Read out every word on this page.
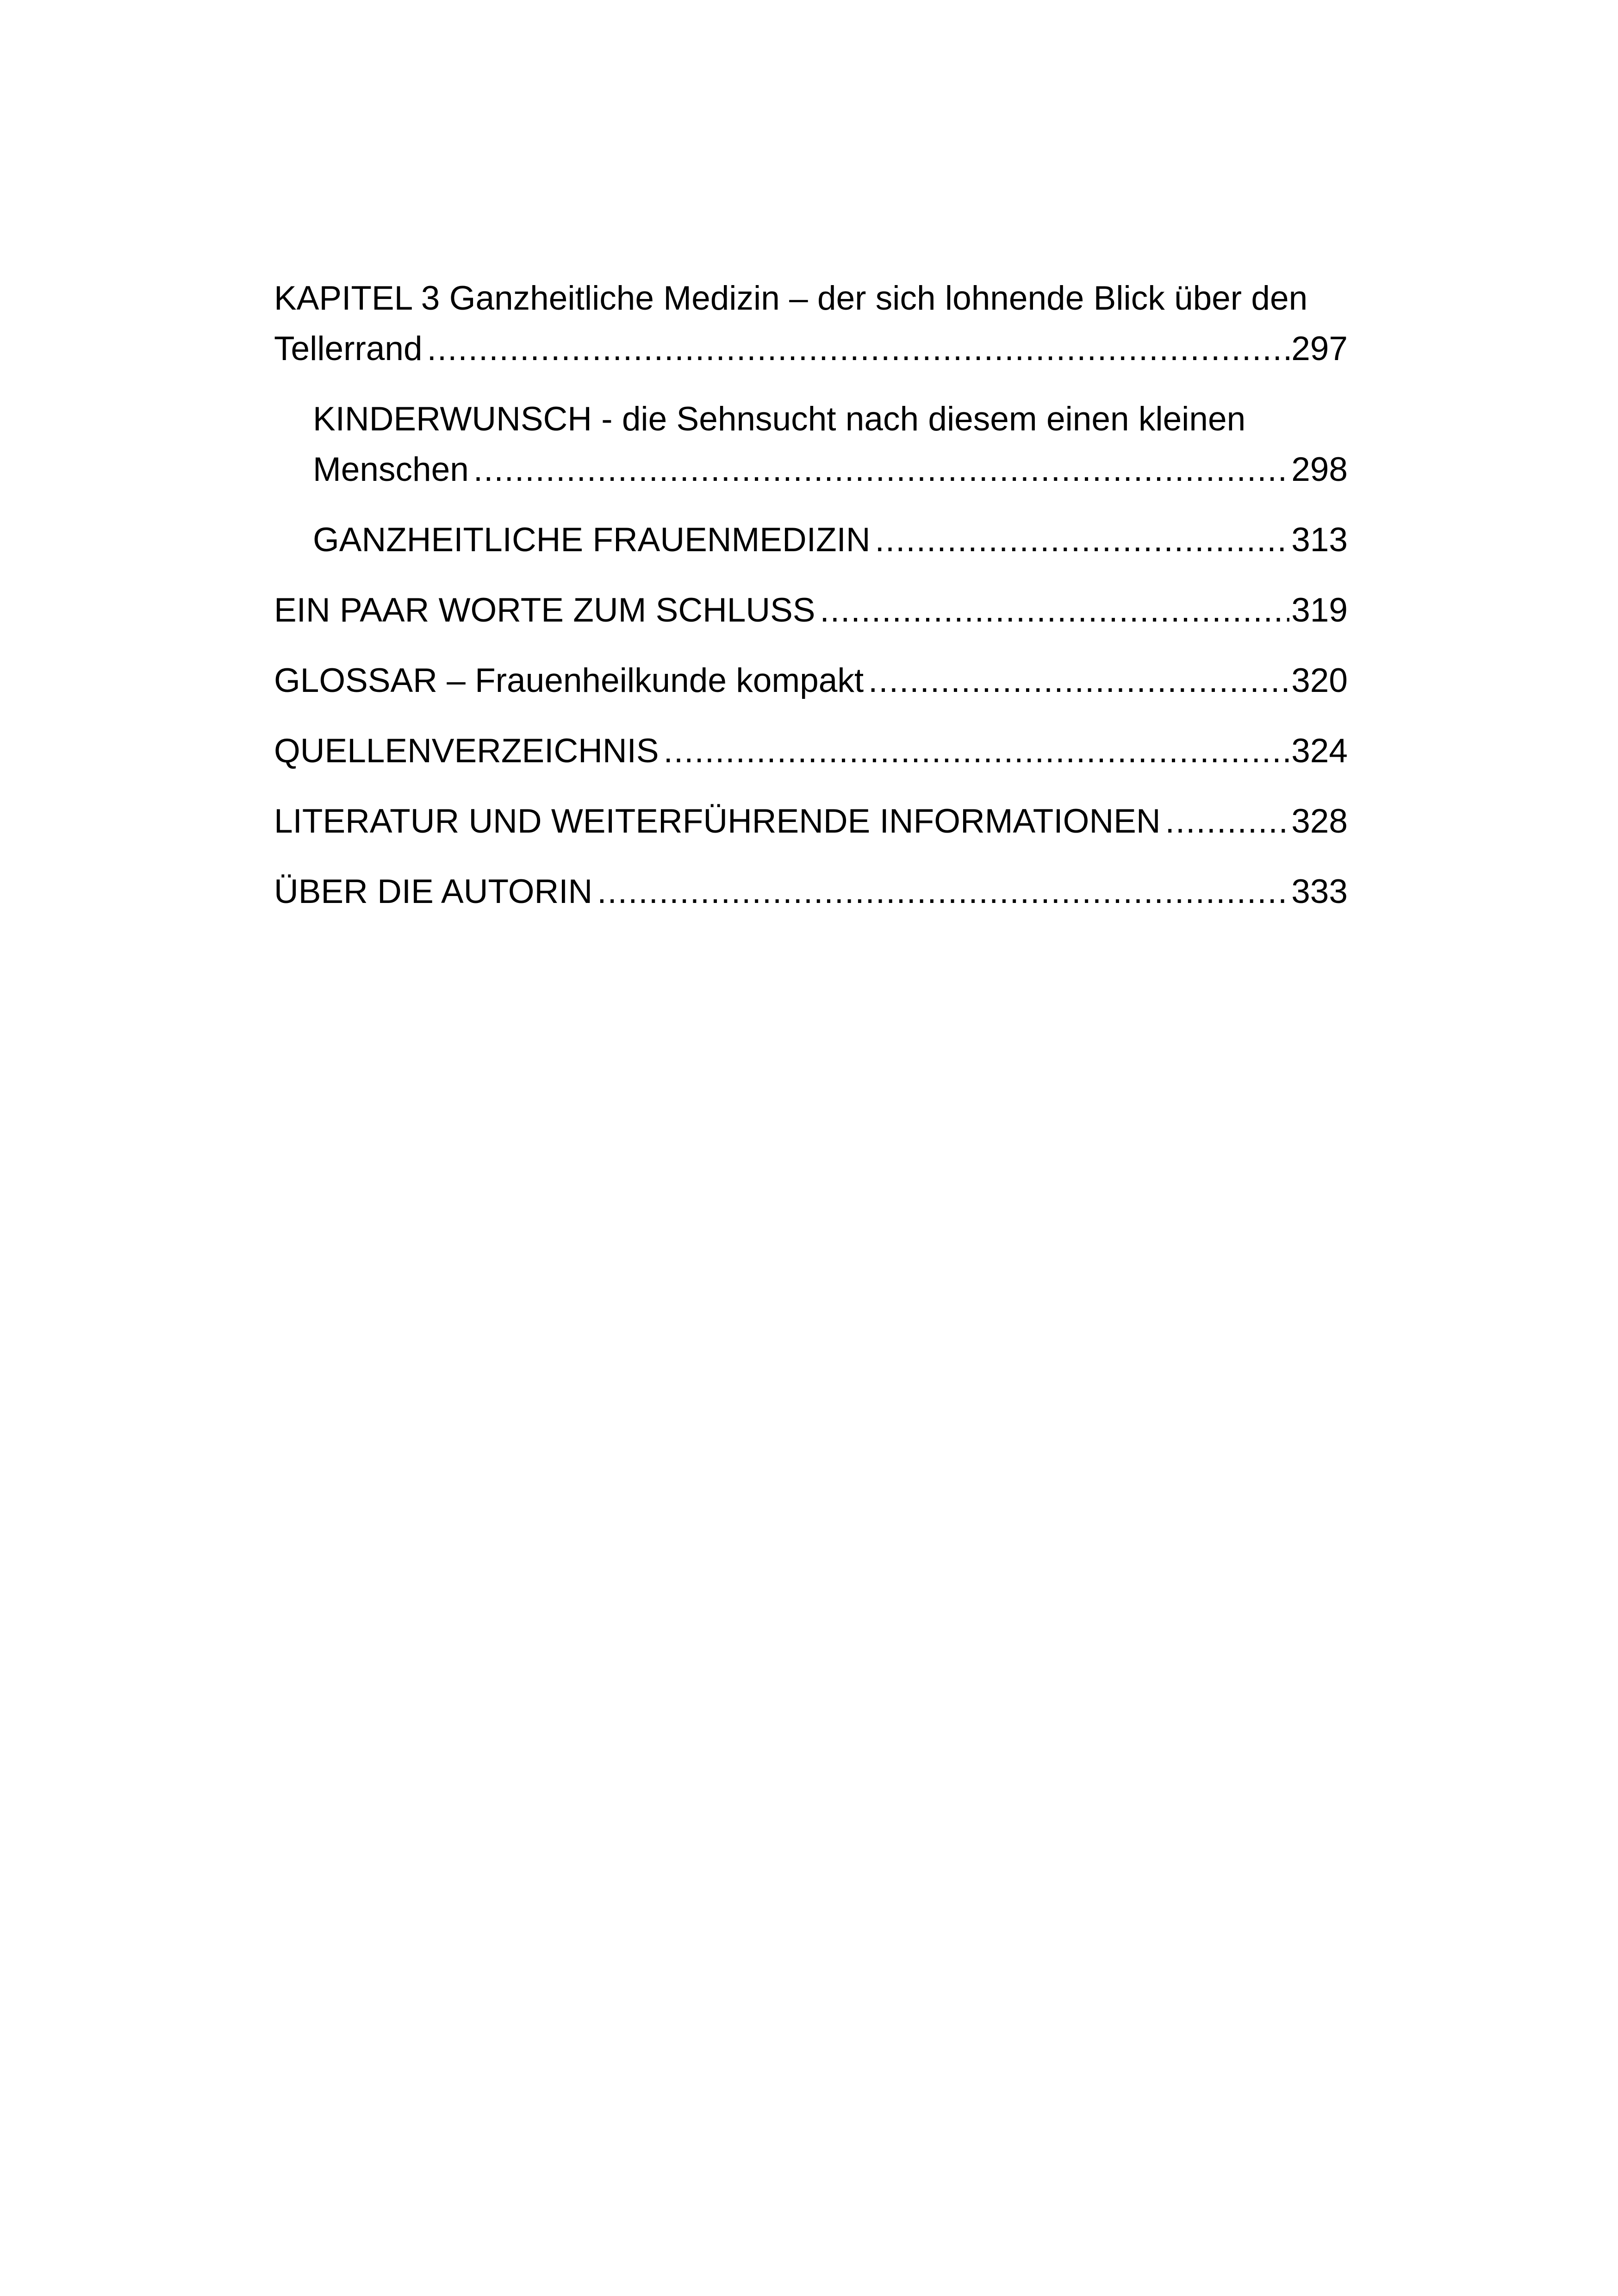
KAPITEL 3 Ganzheitliche Medizin – der sich lohnende Blick über den
Tellerrand .....	297
KINDERWUNSCH - die Sehnsucht nach diesem einen kleinen
Menschen .....	298
GANZHEITLICHE FRAUENMEDIZIN .....	313
EIN PAAR WORTE ZUM SCHLUSS .....	319
GLOSSAR – Frauenheilkunde kompakt .....	320
QUELLENVERZEICHNIS .....	324
LITERATUR UND WEITERFÜHRENDE INFORMATIONEN .....	328
ÜBER DIE AUTORIN .....	333
